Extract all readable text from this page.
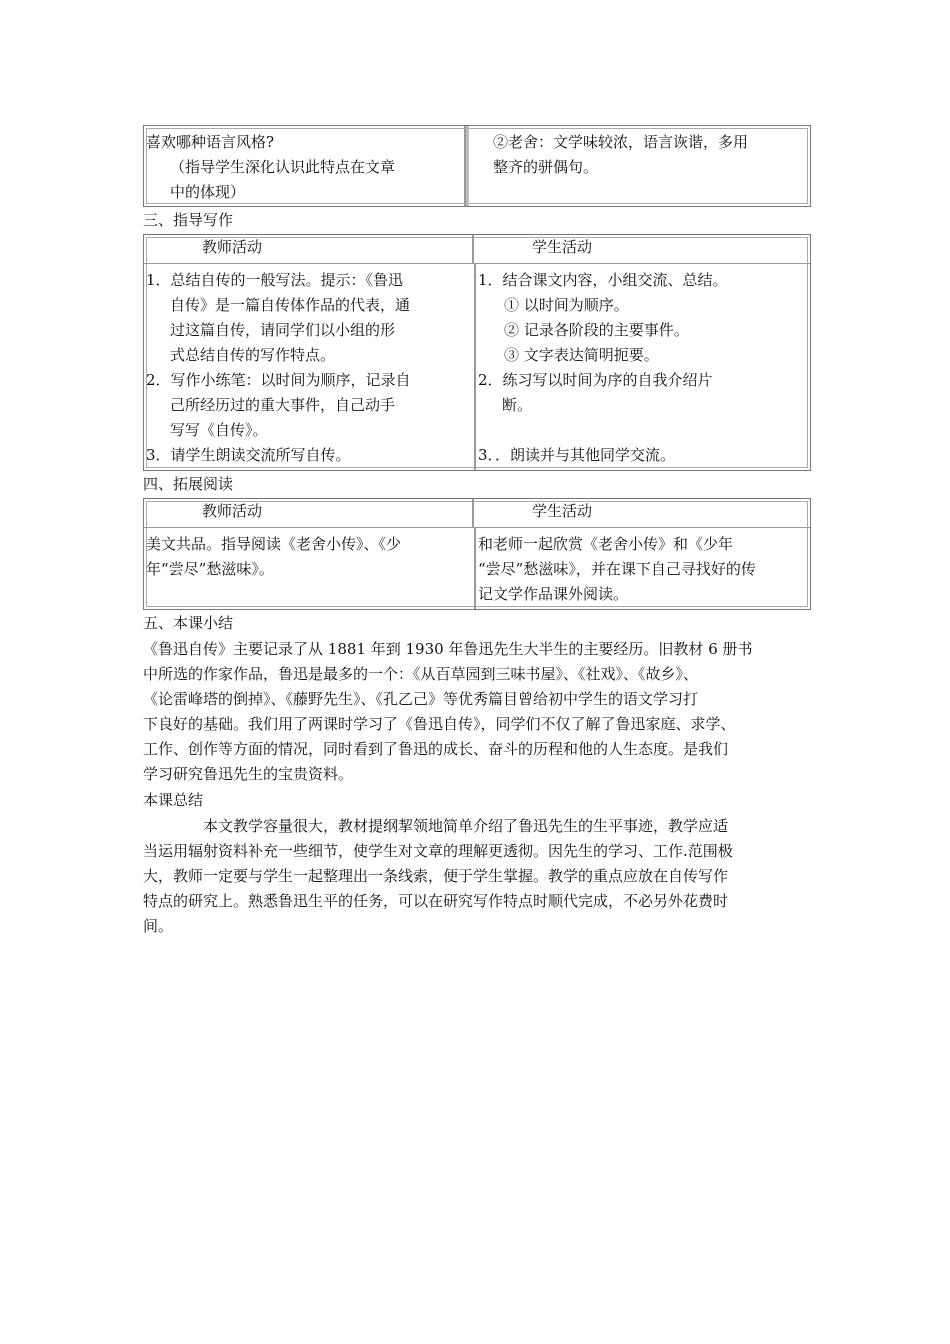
喜欢哪种语言风格?
（指导学生深化认识此特点在文章
中的体现）
②老舍：文学味较浓，语言诙谐，多用
整齐的骈偶句。
三、指导写作
教师活动	学生活动
1．总结自传的一般写法。提示：《鲁迅
自传》是一篇自传体作品的代表，通
过这篇自传，请同学们以小组的形
式总结自传的写作特点。
2．写作小练笔：以时间为顺序，记录自
己所经历过的重大事件，自己动手
写写《自传》。
3．请学生朗读交流所写自传。
1．结合课文内容，小组交流、总结。
① 以时间为顺序。
② 记录各阶段的主要事件。
③ 文字表达简明扼要。
2．练习写以时间为序的自我介绍片
断。
3．．朗读并与其他同学交流。
四、拓展阅读
教师活动	学生活动
美文共品。指导阅读《老舍小传》、《少
年“尝尽”愁滋味》。
和老师一起欣赏《老舍小传》和《少年
“尝尽”愁滋味》，并在课下自己寻找好的传
记文学作品课外阅读。
五、本课小结

《鲁迅自传》主要记录了从 1881 年到 1930 年鲁迅先生大半生的主要经历。旧教材 6 册书

中所选的作家作品，鲁迅是最多的一个：《从百草园到三味书屋》、《社戏》、《故乡》、

《论雷峰塔的倒掉》、《藤野先生》、《孔乙己》等优秀篇目曾给初中学生的语文学习打

下良好的基础。我们用了两课时学习了《鲁迅自传》，同学们不仅了解了鲁迅家庭、求学、

工作、创作等方面的情况，同时看到了鲁迅的成长、奋斗的历程和他的人生态度。是我们

学习研究鲁迅先生的宝贵资料。

本课总结

本文教学容量很大，教材提纲挈领地简单介绍了鲁迅先生的生平事迹，教学应适

当运用辐射资料补充一些细节，使学生对文章的理解更透彻。因先生的学习、工作.范围极

大，教师一定要与学生一起整理出一条线索，便于学生掌握。教学的重点应放在自传写作

特点的研究上。熟悉鲁迅生平的任务，可以在研究写作特点时顺代完成，不必另外花费时

间。
